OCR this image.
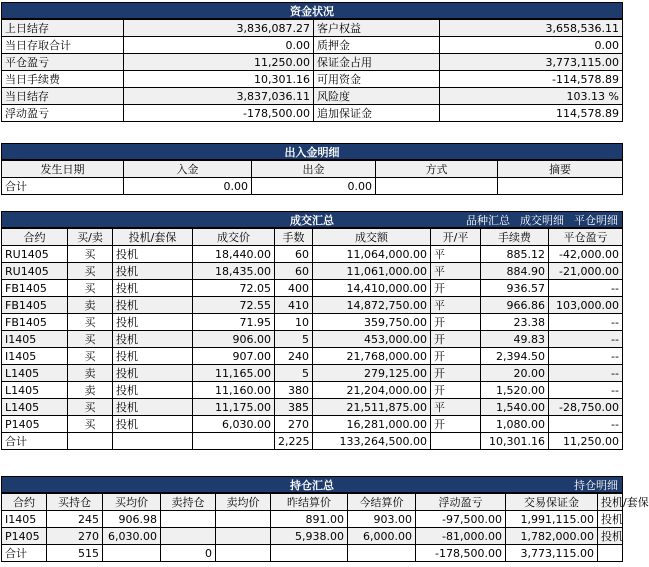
资金状况
上日结存	3,836,087.27	客户权益	3,658,536.11
当日存取合计	0.00	质押金	0.00
平仓盈亏	11,250.00	保证金占用	3,773,115.00
当日手续费	10,301.16	可用资金	-114,578.89
当日结存	3,837,036.11	风险度	103.13 %
浮动盈亏	-178,500.00	追加保证金	114,578.89
出入金明细
发生日期	入金	出金	方式	摘要
合计	0.00	0.00		
成交汇总	品种汇总 成交明细 平仓明细
合约	买/卖	投机/套保	成交价	手数	成交额	开/平	手续费	平仓盈亏
RU1405	买	投机	18,440.00	60	11,064,000.00	平	885.12	-42,000.00
RU1405	买	投机	18,435.00	60	11,061,000.00	平	884.90	-21,000.00
FB1405	买	投机	72.05	400	14,410,000.00	开	936.57	--
FB1405	卖	投机	72.55	410	14,872,750.00	平	966.86	103,000.00
FB1405	买	投机	71.95	10	359,750.00	开	23.38	--
I1405	买	投机	906.00	5	453,000.00	开	49.83	--
I1405	买	投机	907.00	240	21,768,000.00	开	2,394.50	--
L1405	卖	投机	11,165.00	5	279,125.00	开	20.00	--
L1405	卖	投机	11,160.00	380	21,204,000.00	开	1,520.00	--
L1405	买	投机	11,175.00	385	21,511,875.00	平	1,540.00	-28,750.00
P1405	买	投机	6,030.00	270	16,281,000.00	开	1,080.00	--
合计				2,225	133,264,500.00		10,301.16	11,250.00
持仓汇总	持仓明细
合约	买持仓	买均价	卖持仓	卖均价	昨结算价	今结算价	浮动盈亏	交易保证金	投机/套保
I1405	245	906.98			891.00	903.00	-97,500.00	1,991,115.00	投机
P1405	270	6,030.00			5,938.00	6,000.00	-81,000.00	1,782,000.00	投机
合计	515		0				-178,500.00	3,773,115.00	
